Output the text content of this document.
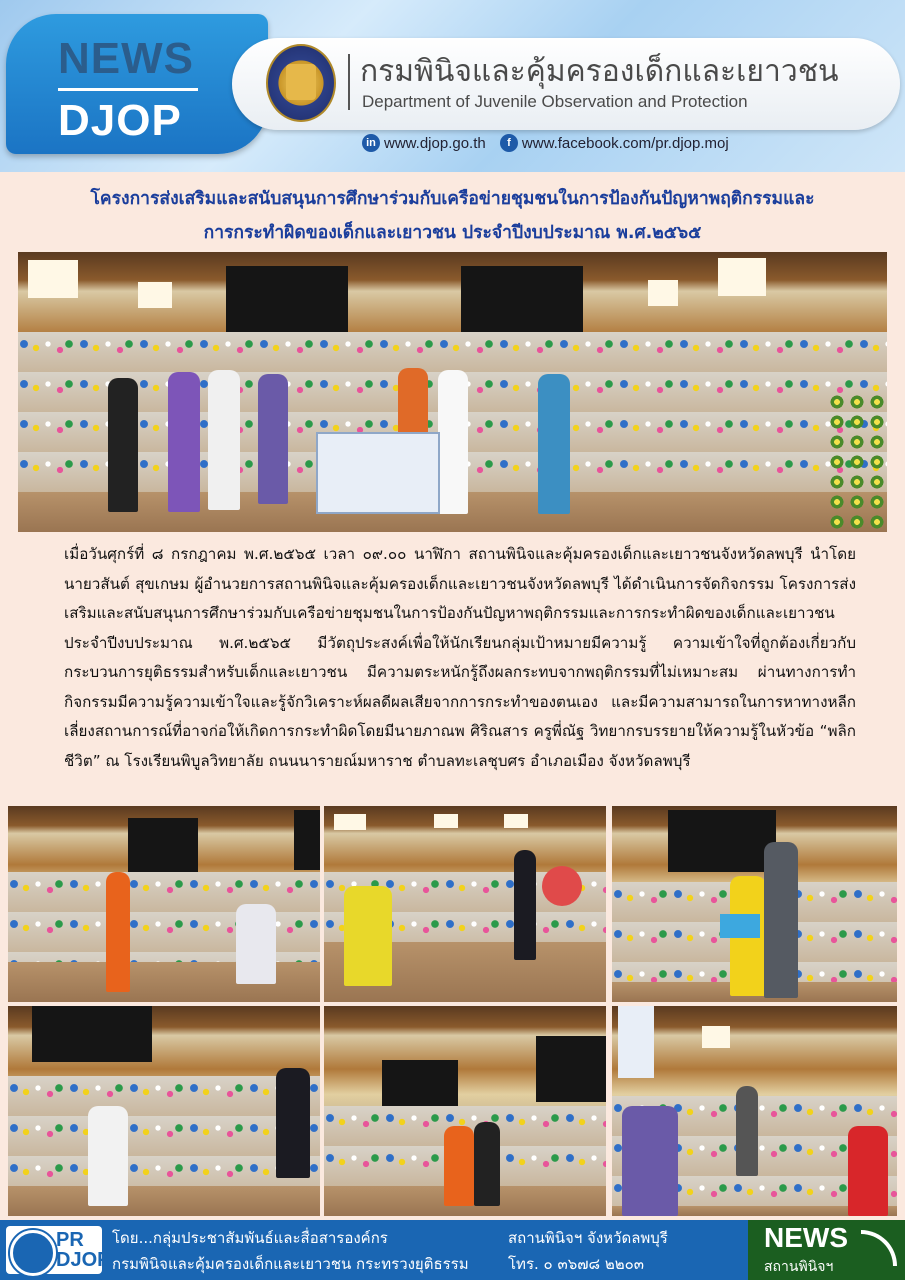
NEWS
DJOP
กรมพินิจและคุ้มครองเด็กและเยาวชน
Department of Juvenile Observation and Protection
in www.djop.go.th f www.facebook.com/pr.djop.moj
โครงการส่งเสริมและสนับสนุนการศึกษาร่วมกับเครือข่ายชุมชนในการป้องกันปัญหาพฤติกรรมและ
การกระทำผิดของเด็กและเยาวชน ประจำปีงบประมาณ พ.ศ.๒๕๖๕
เมื่อวันศุกร์ที่ ๘ กรกฎาคม พ.ศ.๒๕๖๕ เวลา ๐๙.๐๐ นาฬิกา สถานพินิจและคุ้มครองเด็กและเยาวชนจังหวัดลพบุรี นำโดยนายวสันต์ สุขเกษม ผู้อำนวยการสถานพินิจและคุ้มครองเด็กและเยาวชนจังหวัดลพบุรี ได้ดำเนินการจัดกิจกรรม โครงการส่งเสริมและสนับสนุนการศึกษาร่วมกับเครือข่ายชุมชนในการป้องกันปัญหาพฤติกรรมและการกระทำผิดของเด็กและเยาวชน ประจำปีงบประมาณ พ.ศ.๒๕๖๕ มีวัตถุประสงค์เพื่อให้นักเรียนกลุ่มเป้าหมายมีความรู้ ความเข้าใจที่ถูกต้องเกี่ยวกับกระบวนการยุติธรรมสำหรับเด็กและเยาวชน มีความตระหนักรู้ถึงผลกระทบจากพฤติกรรมที่ไม่เหมาะสม ผ่านทางการทำกิจกรรมมีความรู้ความเข้าใจและรู้จักวิเคราะห์ผลดีผลเสียจากการกระทำของตนเอง และมีความสามารถในการหาทางหลีกเลี่ยงสถานการณ์ที่อาจก่อให้เกิดการกระทำผิดโดยมีนายภาณพ ศิริณสาร ครูพี่ณัฐ วิทยากรบรรยายให้ความรู้ในหัวข้อ “พลิกชีวิต” ณ โรงเรียนพิบูลวิทยาลัย ถนนนารายณ์มหาราช ตำบลทะเลชุบศร อำเภอเมือง จังหวัดลพบุรี
PR
DJOP
โดย...กลุ่มประชาสัมพันธ์และสื่อสารองค์กร
กรมพินิจและคุ้มครองเด็กและเยาวชน กระทรวงยุติธรรม
สถานพินิจฯ จังหวัดลพบุรี
โทร. ๐ ๓๖๗๘ ๒๒๐๓
NEWS
สถานพินิจฯ
